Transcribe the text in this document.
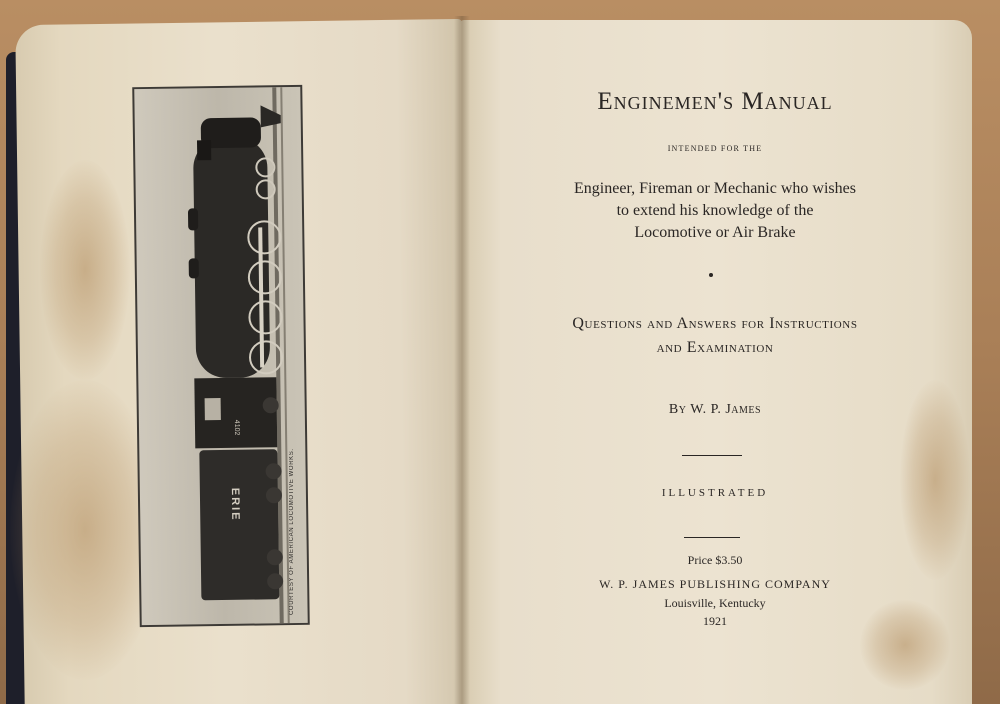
4102
ERIE	COURTESY OF AMERICAN LOCOMOTIVE WORKS.
Enginemen's Manual
INTENDED FOR THE
Engineer, Fireman or Mechanic who wishes
to extend his knowledge of the
Locomotive or Air Brake
Questions and Answers for Instructions
and Examination
By W. P. James
ILLUSTRATED
Price $3.50
W. P. JAMES PUBLISHING COMPANY
Louisville, Kentucky
1921
